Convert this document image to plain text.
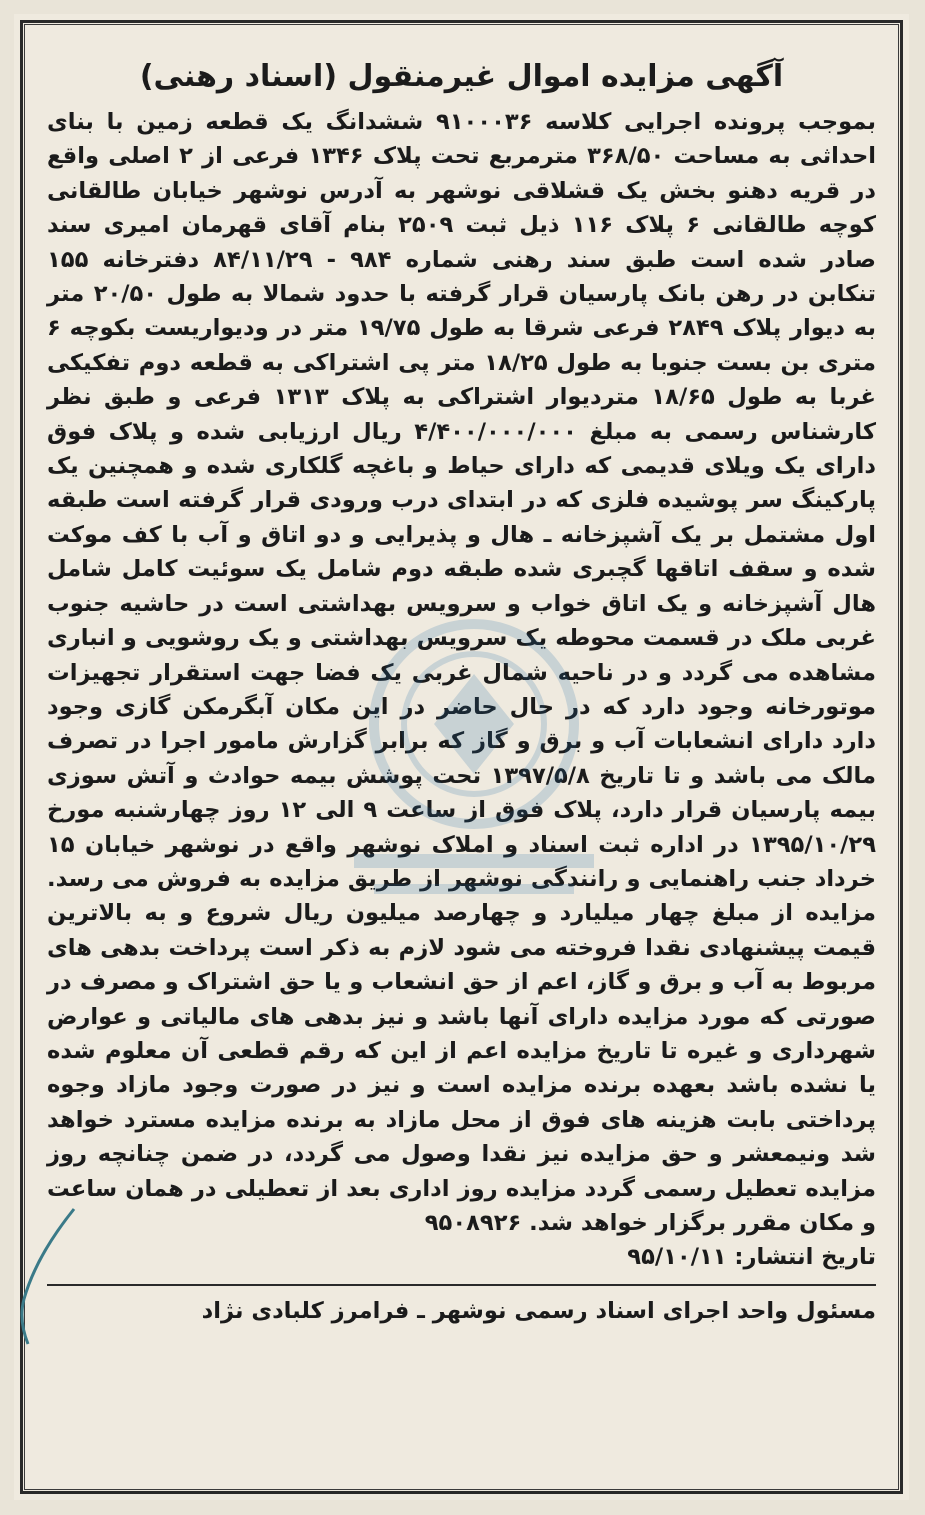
آگهی مزایده اموال غیرمنقول (اسناد رهنی)

بموجب پرونده اجرایی کلاسه ۹۱۰۰۰۳۶ ششدانگ یک قطعه زمین با بنای احداثی به مساحت ۳۶۸/۵۰ مترمربع تحت پلاک ۱۳۴۶ فرعی از ۲ اصلی واقع در قریه دهنو بخش یک قشلاقی نوشهر به آدرس نوشهر خیابان طالقانی کوچه طالقانی ۶ پلاک ۱۱۶ ذیل ثبت ۲۵۰۹ بنام آقای قهرمان امیری سند صادر شده است طبق سند رهنی شماره ۹۸۴ - ۸۴/۱۱/۲۹ دفترخانه ۱۵۵ تنکابن در رهن بانک پارسیان قرار گرفته با حدود شمالا به طول ۲۰/۵۰ متر به دیوار پلاک ۲۸۴۹ فرعی شرقا به طول ۱۹/۷۵ متر در ودیواریست بکوچه ۶ متری بن بست جنوبا به طول ۱۸/۲۵ متر پی اشتراکی به قطعه دوم تفکیکی غربا به طول ۱۸/۶۵ متردیوار اشتراکی به پلاک ۱۳۱۳ فرعی و طبق نظر کارشناس رسمی به مبلغ ۴/۴۰۰/۰۰۰/۰۰۰ ریال ارزیابی شده و پلاک فوق دارای یک ویلای قدیمی که دارای حیاط و باغچه گلکاری شده و همچنین یک پارکینگ سر پوشیده فلزی که در ابتدای درب ورودی قرار گرفته است طبقه اول مشتمل بر یک آشپزخانه ـ هال و پذیرایی و دو اتاق و آب با کف موکت شده و سقف اتاقها گچبری شده طبقه دوم شامل یک سوئیت کامل شامل هال آشپزخانه و یک اتاق خواب و سرویس بهداشتی است در حاشیه جنوب غربی ملک در قسمت محوطه یک سرویس بهداشتی و یک روشویی و انباری مشاهده می گردد و در ناحیه شمال غربی یک فضا جهت استقرار تجهیزات موتورخانه وجود دارد که در حال حاضر در این مکان آبگرمکن گازی وجود دارد دارای انشعابات آب و برق و گاز که برابر گزارش مامور اجرا در تصرف مالک می باشد و تا تاریخ ۱۳۹۷/۵/۸ تحت پوشش بیمه حوادث و آتش سوزی بیمه پارسیان قرار دارد، پلاک فوق از ساعت ۹ الی ۱۲ روز چهارشنبه مورخ ۱۳۹۵/۱۰/۲۹ در اداره ثبت اسناد و املاک نوشهر واقع در نوشهر خیابان ۱۵ خرداد جنب راهنمایی و رانندگی نوشهر از طریق مزایده به فروش می رسد. مزایده از مبلغ چهار میلیارد و چهارصد میلیون ریال شروع و به بالاترین قیمت پیشنهادی نقدا فروخته می شود لازم به ذکر است پرداخت بدهی های مربوط به آب و برق و گاز، اعم از حق انشعاب و یا حق اشتراک و مصرف در صورتی که مورد مزایده دارای آنها باشد و نیز بدهی های مالیاتی و عوارض شهرداری و غیره تا تاریخ مزایده اعم از این که رقم قطعی آن معلوم شده یا نشده باشد بعهده برنده مزایده است و نیز در صورت وجود مازاد وجوه پرداختی بابت هزینه های فوق از محل مازاد به برنده مزایده مسترد خواهد شد ونیمعشر و حق مزایده نیز نقدا وصول می گردد، در ضمن چنانچه روز مزایده تعطیل رسمی گردد مزایده روز اداری بعد از تعطیلی در همان ساعت و مکان مقرر برگزار خواهد شد. ۹۵۰۸۹۲۶

تاریخ انتشار: ۹۵/۱۰/۱۱
مسئول واحد اجرای اسناد رسمی نوشهر ـ فرامرز کلبادی نژاد
